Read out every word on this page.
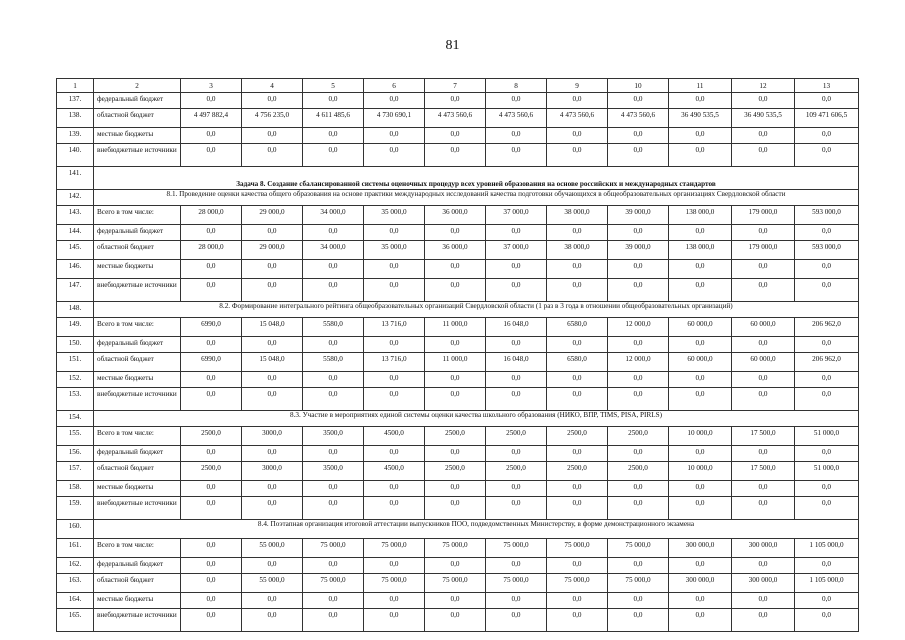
81
1	2	3	4	5	6	7	8	9	10	11	12	13
137.	федеральный бюджет	0,0	0,0	0,0	0,0	0,0	0,0	0,0	0,0	0,0	0,0	0,0
138.	областной бюджет	4 497 882,4	4 756 235,0	4 611 485,6	4 730 690,1	4 473 560,6	4 473 560,6	4 473 560,6	4 473 560,6	36 490 535,5	36 490 535,5	109 471 606,5
139.	местные бюджеты	0,0	0,0	0,0	0,0	0,0	0,0	0,0	0,0	0,0	0,0	0,0
140.	внебюджетные источники	0,0	0,0	0,0	0,0	0,0	0,0	0,0	0,0	0,0	0,0	0,0
141.	Задача 8. Создание сбалансированной системы оценочных процедур всех уровней образования на основе российских и международных стандартов											
142.	8.1. Проведение оценки качества общего образования на основе практики международных исследований качества подготовки обучающихся в общеобразовательных организациях Свердловской области											
143.	Всего в том числе:	28 000,0	29 000,0	34 000,0	35 000,0	36 000,0	37 000,0	38 000,0	39 000,0	138 000,0	179 000,0	593 000,0
144.	федеральный бюджет	0,0	0,0	0,0	0,0	0,0	0,0	0,0	0,0	0,0	0,0	0,0
145.	областной бюджет	28 000,0	29 000,0	34 000,0	35 000,0	36 000,0	37 000,0	38 000,0	39 000,0	138 000,0	179 000,0	593 000,0
146.	местные бюджеты	0,0	0,0	0,0	0,0	0,0	0,0	0,0	0,0	0,0	0,0	0,0
147.	внебюджетные источники	0,0	0,0	0,0	0,0	0,0	0,0	0,0	0,0	0,0	0,0	0,0
148.	8.2. Формирование интегрального рейтинга общеобразовательных организаций Свердловской области (1 раз в 3 года в отношении общеобразовательных организаций)											
149.	Всего в том числе:	6990,0	15 048,0	5580,0	13 716,0	11 000,0	16 048,0	6580,0	12 000,0	60 000,0	60 000,0	206 962,0
150.	федеральный бюджет	0,0	0,0	0,0	0,0	0,0	0,0	0,0	0,0	0,0	0,0	0,0
151.	областной бюджет	6990,0	15 048,0	5580,0	13 716,0	11 000,0	16 048,0	6580,0	12 000,0	60 000,0	60 000,0	206 962,0
152.	местные бюджеты	0,0	0,0	0,0	0,0	0,0	0,0	0,0	0,0	0,0	0,0	0,0
153.	внебюджетные источники	0,0	0,0	0,0	0,0	0,0	0,0	0,0	0,0	0,0	0,0	0,0
154.	8.3. Участие в мероприятиях единой системы оценки качества школьного образования (НИКО, ВПР, TIMS, PISA, PIRLS)											
155.	Всего в том числе:	2500,0	3000,0	3500,0	4500,0	2500,0	2500,0	2500,0	2500,0	10 000,0	17 500,0	51 000,0
156.	федеральный бюджет	0,0	0,0	0,0	0,0	0,0	0,0	0,0	0,0	0,0	0,0	0,0
157.	областной бюджет	2500,0	3000,0	3500,0	4500,0	2500,0	2500,0	2500,0	2500,0	10 000,0	17 500,0	51 000,0
158.	местные бюджеты	0,0	0,0	0,0	0,0	0,0	0,0	0,0	0,0	0,0	0,0	0,0
159.	внебюджетные источники	0,0	0,0	0,0	0,0	0,0	0,0	0,0	0,0	0,0	0,0	0,0
160.	8.4. Поэтапная организация итоговой аттестации выпускников ПОО, подведомственных Министерству, в форме демонстрационного экзамена											
161.	Всего в том числе:	0,0	55 000,0	75 000,0	75 000,0	75 000,0	75 000,0	75 000,0	75 000,0	300 000,0	300 000,0	1 105 000,0
162.	федеральный бюджет	0,0	0,0	0,0	0,0	0,0	0,0	0,0	0,0	0,0	0,0	0,0
163.	областной бюджет	0,0	55 000,0	75 000,0	75 000,0	75 000,0	75 000,0	75 000,0	75 000,0	300 000,0	300 000,0	1 105 000,0
164.	местные бюджеты	0,0	0,0	0,0	0,0	0,0	0,0	0,0	0,0	0,0	0,0	0,0
165.	внебюджетные источники	0,0	0,0	0,0	0,0	0,0	0,0	0,0	0,0	0,0	0,0	0,0
